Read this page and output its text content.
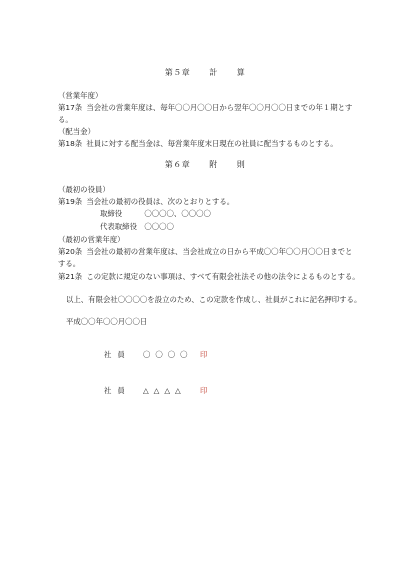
第５章 計 算
（営業年度）
第17条 当会社の営業年度は、毎年〇〇月〇〇日から翌年〇〇月〇〇日までの年１期とす
る。
（配当金）
第18条 社員に対する配当金は、毎営業年度末日現在の社員に配当するものとする。
第６章 附 則
（最初の役員）
第19条 当会社の最初の役員は、次のとおりとする。
取締役	〇〇〇〇、〇〇〇〇
代表取締役 〇〇〇〇
（最初の営業年度）
第20条 当会社の最初の営業年度は、当会社成立の日から平成〇〇年〇〇月〇〇日までと
する。
第21条 この定款に規定のない事項は、すべて有限会社法その他の法令によるものとする。
以上、有限会社〇〇〇〇を設立のため、この定款を作成し、社員がこれに記名押印する。
平成〇〇年〇〇月〇〇日
社員 〇〇〇〇 印
社員 △△△△ 印
